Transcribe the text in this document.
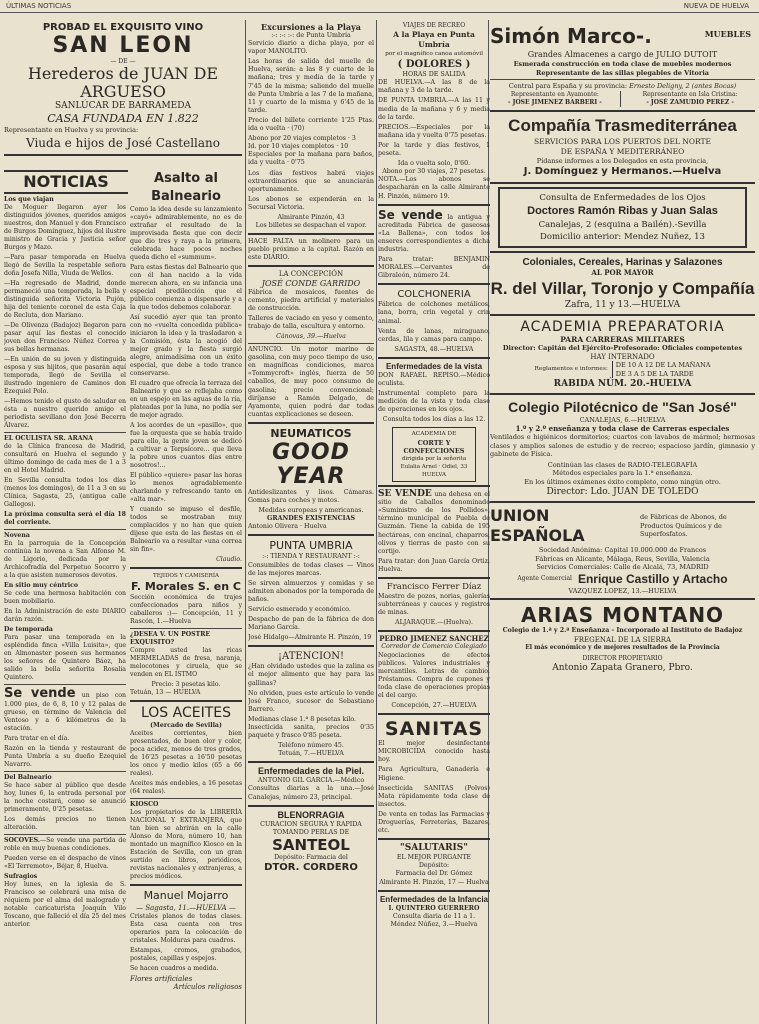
ÚLTIMAS NOTICIAS	NUEVA DE HUELVA
PROBAD EL EXQUISITO VINO
SAN LEON
— DE —
Herederos de JUAN DE ARGUESO
SANLÚCAR DE BARRAMEDA
CASA FUNDADA EN 1.822
Representante en Huelva y su provincia:
Viuda e hijos de José Castellano
NOTICIAS
Los que viajan

De Moguer llegaron ayer los distinguidos jóvenes, queridos amigos nuestros, don Manuel y don Francisco de Burgos Domínguez, hijos del ilustre ministro de Gracia y Justicia señor Burgos y Mazo.

—Para pasar temporada en Huelva llegó de Sevilla la respetable señora doña Josefa Nilla, Viuda de Wellos.

—Ha regresado de Madrid, donde permaneció una temporada, la bella y distinguida señorita Victoria Pujón, hija del teniente coronel de esta Caja de Recluta, don Mariano.

—De Olivenza (Badajoz) llegaron para pasar aquí las fiestas el conocido joven don Francisco Núñez Correa y sus bellas hermanas.

—En unión de su joven y distinguida esposa y sus hijitos, que pasarán aquí temporada, llegó de Sevilla el ilustrado ingeniero de Caminos don Ezequiel Polo.

—Hemos tenido el gusto de saludar en ésta a nuestro querido amigo el periodista sevillano don José Becerra Álvarez.

EL OCULISTA SR. ARANA

de la Clínica francesa de Madrid, consultará en Huelva el segundo y último domingo de cada mes de 1 a 3 en el Hotel Madrid.

En Sevilla consulta todos los días (menos los domingos), de 11 a 3 en su Clínica, Sagasta, 25, (antigua calle Gallegos).

La próxima consulta será el día 18 del corriente.

Novena

En la parroquia de la Concepción continúa la novena a San Alfonso M. de Ligorio, dedicada por la Archicofradía del Perpetuo Socorro y a la que asisten numerosos devotos.

En sitio muy céntrico

Se cede una hermosa habitación con buen mobiliario.

En la Administración de este DIARIO darán razón.

De temporada

Para pasar una temporada en la espléndida finca «Villa Luisita», que en Almonaster poseen sus hermanos los señores de Quintero Báez, ha salido la bella señorita Rosalía Quintero.

Se vende un piso con 1.000 pies, de 6, 8, 10 y 12 palas de grueso, en término de Valencia del Ventoso y a 6 kilómetros de la estación.

Para tratar en el día.

Razón en la tienda y restaurant de Punta Umbría a su dueño Ezequiel Navarro.

Del Balneario

Se hace saber al público que desde hoy, lunes 6, la entrada personal por la noche costará, como se anunció primeramente, 0'25 pesetas.

Los demás precios no tienen alteración.

SOCOVES.—Se vende una partida de roble en muy buenas condiciones.

Pueden verse en el despacho de vinos «El Terremoto», Béjar, 8, Huelva.

Sufragios

Hoy lunes, en la iglesia de S. Francisco se celebrará una misa de réquiem por el alma del malogrado y notable caricaturista Joaquín Vilo Toscano, que falleció el día 25 del mes anterior.

Asalto al Balneario

Como la idea desde su lanzamiento «cayó» admirablemente, no es de extrañar el resultado de la improvisada fiesta que con decir que dio tres y raya a la primera, celebrada hace pocos noches queda dicho el «summum».

Para estas fiestas del Balneario que con él han nacido a la vida merecen ahora, en su infancia una especial predilección que el público comienza a dispensarle y a la que todos debemos colaborar.

Así sucedió ayer que tan pronto con no «vuelta concedida pública» iniciaron la idea y la trasladaron a la Comisión, ésta la acogió del mejor grado y la fiesta surgió alegre, animadísima con un éxito especial, que debe a todo trance conservarse.

El cuadro que ofrecía la terraza del Balneario y que se reflejaba como en un espejo en las aguas de la ría, plateadas por la luna, no podía ser de mejor agrado.

A los acordes de un «pasillo», que fue la orquesta que se había traído para ello, la gente joven se dedicó a cultivar a Terpsícore... que lleva la pobre unos cuantos días entre nosotros!...

El público «quiere» pasar las horas lo menos agradablemente charlando y refrescando tanto en «alta mar».

Y cuando se impuso el desfile, todos se mostraban muy complacidos y no han que quien dijese que esta de las fiestas en el Balneario va a resultar «una correa sin fin».

Claudio.
TEJIDOS Y CAMISERÍA
F. Morales S. en C

Sección económica de trajes confeccionados para niños y caballeros :)— Concepción, 11 y Rascón, 1.—Huelva

¿DESEA V. UN POSTRE EXQUISITO?

Compre usted las ricas MERMELADAS de fresa, naranja, melocotones y ciruela, que se venden en EL ISTMO

Precio: 3 pesetas kilo.
Tetuán, 13 — HUELVA
LOS ACEITES
(Mercado de Sevilla)

Aceites corrientes, bien presentados, de buen olor y color, poca acidez, menos de tres grados, de 16'25 pesetas a 16'50 pesetas los once y medio kilos (65 a 66 reales).

Aceites más endebles, a 16 pesetas (64 reales).

KIOSCO

Los propietarios de la LIBRERÍA NACIONAL Y EXTRANJERA, que tan bien se abrirán en la calle Alonso de Mora, número 10, han montado un magnífico Kiosco en la Estación de Sevilla, con un gran surtido en libros, periódicos, revistas nacionales y extranjeras, a precios módicos.

Manuel Mojarro
— Sagasta, 11.—HUELVA —

Cristales planos de todas clases. Esta casa cuenta con tres operarios para la colocación de cristales. Molduras para cuadros.

Estampas, cromos, grabados, postales, capillas y espejos.

Se hacen cuadros a medida.

Flores artificiales
Artículos religiosos
Excursiones a la Playa
:-: :-: :-: de Punta Umbría

Servicio diario a dicha playa, por el vapor MANOLITO.

Las horas de salida del muelle de Huelva, serán: a las 8 y cuarto de la mañana; tres y media de la tarde y 7'45 de la misma; saliendo del muelle de Punta Umbría a las 7 de la mañana, 11 y cuarto de la misma y 6'45 de la tarde.

Precio del billete corriente 1'25 Ptas. ida o vuelta · (70)

Abono por 20 viajes completos · 3
Id. por 10 viajes completos · 10

Especiales por la mañana para baños, ida y vuelta · 0'75

Los días festivos habrá viajes extraordinarios que se anunciarán oportunamente.

Los abonos se expenderán en la Secursal Victoria.

Almirante Pinzón, 43
Los billetes se despachan el vapor.

HACE FALTA un molinero para un pueblo próximo a la capital. Razón en este DIARIO.

LA CONCEPCIÓN
JOSÉ CONDE GARRIDO

Fábrica de mosaicos, fuentes de cemento, piedra artificial y materiales de construcción.

Talleres de vaciado en yeso y cemento, trabajo de talla, escultura y entorno.

Cánovas, 39.—Huelva

ANUNCIO. Un motor marino de gasolina, con muy poco tiempo de uso, en magníficas condiciones, marca «Tommycroft» inglés, fuerza de 50 caballos, de muy poco consumo de gasolina; precio convencional; diríjanse a Ramón Delgado, de Ayamonte, quien podrá dar todas cuantas explicaciones se deseen.

NEUMATICOS
GOOD YEAR

Antideslizantes y lisos. Cámaras. Gomas para coches y motos.

Medidas europeas y americanas.
GRANDES EXISTENCIAS
Antonio Olivera · Huelva
PUNTA UMBRIA
:-: TIENDA Y RESTAURANT :-:

Consumibles de todas clases — Vinos de las mejores marcas.

Se sirven almuerzos y comidas y se admiten abonados por la temporada de baños.

Servicio esmerado y económico.

Despacho de pan de la fábrica de don Mariano García.

José Hidalgo—Almirante H. Pinzón, 19
¡ATENCION!

¿Han olvidado ustedes que la zalina es el mejor alimento que hay para las gallinas?

No olviden, pues este artículo lo vende José Franco, sucesor de Sebastiano Barrero.

Medianas clase 1.ª 8 pesetas kilo.

Insecticida sanita, precios 0'35 paquete y frasco 0'85 peseta.

Teléfono número 45.
Tetuán, 7.—HUELVA
Enfermedades de la Piel.
ANTONIO GIL GARCIA.—Médico

Consultas diarias a la una.—José Canalejas, número 23, principal.

BLENORRAGIA
CURACION SEGURA Y RAPIDA
TOMANDO PERLAS DE
SANTEOL
Depósito: Farmacia del
DTOR. CORDERO
VIAJES DE RECREO
A la Playa en Punta Umbría
por el magnífico canoa automóvil
( DOLORES )
HORAS DE SALIDA

DE HUELVA.—A las 8 de la mañana y 3 de la tarde.

DE PUNTA UMBRIA.—A las 11 y media de la mañana y 6 y media de la tarde.

PRECIOS.—Especiales por la mañana ida y vuelta 0'75 pesetas.

Por la tarde y días festivos, 1 peseta.

Ida o vuelta solo, 0'60.
Abono por 30 viajes, 27 pesetas.

NOTA.—Los abonos se despacharán en la calle Almirante H. Pinzón, número 19.

Se vende la antigua y acreditada Fábrica de gaseosas «La Ballena», con todos los enseres correspondientes a dicha industria.

Para tratar: BENJAMIN MORALES.—Cervantes de Gibraleón, número 24.

COLCHONERIA

Fábrica de colchones metálicos, lana, borra, crin vegetal y crin animal.

Venta de lanas, miraguano, cerdas, lila y camas para campo.

SAGASTA, 48.—HUELVA
Enfermedades de la vista

DON RAFAEL REPISO.—Médico oculista.

Instrumental completo para la medición de la vista y toda clase de operaciones en los ojos.

Consulta todos los días a las 12.
ACADEMIA DE
CORTE Y CONFECCIONES
dirigida por la señorita
Eulalia Arnel · Odiel, 33
HUELVA

SE VENDE una dehesa en el sitio de Caballos denominado «Suministro de los Pollidos», término municipal de Puebla de Guzmán. Tiene la cabida de 195 hectáreas, con encinal, chaparros, olivos y tierras de pasto con su cortijo.

Para tratar: don Juan García Ortiz. Huelva.

Francisco Ferrer Díaz

Maestro de pozos, norias, galerías subterráneas y cauces y registros de minas.

ALJARAQUE.—(Huelva).
PEDRO JIMENEZ SANCHEZ
Corredor de Comercio Colegiado

Negociaciones de efectos públicos. Valores industriales y mercantiles. Letras de cambio. Préstamos. Compra de cupones y toda clase de operaciones propias el del cargo.

Concepción, 27.—HUELVA
SANITAS

El mejor desinfectante MICROBICIDA conocido hasta hoy.

Para Agricultura, Ganadería e Higiene.

Insecticida SANITAS (Polvos) Mata rápidamente toda clase de insectos.

De venta en todas las Farmacias y Droguerías, Ferreterías, Bazares, etc.

"SALUTARIS"
EL MEJOR PURGANTE
Depósito:
Farmacia del Dr. Gómez
Almirante H. Pinzón, 17 — Huelva
Enfermedades de la Infancia
I. QUINTERO GUERRERO
Consulta diaria de 11 a 1.
Méndez Núñez, 3.—Huelva
Simón Marco-.	MUEBLES
Grandes Almacenes a cargo de JULIO DUTOIT
Esmerada construcción en toda clase de muebles modernos
Representante de las sillas plegables de Vitoria
Central para España y su provincia: Ernesto Deligny, 2 (antes Bocas)
Representante en Ayamonte:
- JOSE JIMENEZ BARBERI -
Representante en Isla Cristina:
- JOSÉ ZAMUDIO PEREZ -
Compañía Trasmediterránea
SERVICIOS PARA LOS PUERTOS DEL NORTE
DE ESPAÑA Y MEDITERRÁNEO
Pídanse informes a los Delegados en esta provincia,
J. Domínguez y Hermanos.—Huelva
Consulta de Enfermedades de los Ojos
Doctores Ramón Ribas y Juan Salas
Canalejas, 2 (esquina a Bailén).-Sevilla
Domicilio anterior: Mendez Nuñez, 13
Coloniales, Cereales, Harinas y Salazones
AL POR MAYOR
R. del Villar, Toronjo y Compañía
Zafra, 11 y 13.—HUELVA
ACADEMIA PREPARATORIA
PARA CARRERAS MILITARES
Director: Capitán del Ejército-Profesorado: Oficiales competentes
HAY INTERNADO
Reglamentos e informes:
DE 10 A 12 DE LA MAÑANA
DE 3 A 5 DE LA TARDE
RABIDA NÚM. 20.-HUELVA
Colegio Pilotécnico de "San José"
CANALEJAS, 6.—HUELVA
1.º y 2.º enseñanza y toda clase de Carreras especiales

Ventilados e higiénicos dormitorios; cuartos con lavabos de mármol; hermosas clases y amplios salones de estudio y de recreo; espacioso jardín, gimnasio y gabinete de Física.

Continúan las clases de RADIO-TELEGRAFÍA
Métodos especiales para la 1.ª enseñanza.
En los últimos exámenes éxito completo, como ningún otro.
Director: Ldo. JUAN DE TOLEDO
UNION ESPAÑOLA
de Fábricas de Abonos, de Productos Químicos y de Superfosfatos.
Sociedad Anónima: Capital 10.000.000 de Francos
Fábricas en Alicante, Málaga, Reus, Sevilla, Valencia
Servicios Comerciales: Calle de Alcalá, 73, MADRID
Agente Comercial Enrique Castillo y Artacho
VAZQUEZ LOPEZ, 13.—HUELVA
ARIAS MONTANO
Colegio de 1.ª y 2.ª Enseñanza - Incorporado al Instituto de Badajoz
FREGENAL DE LA SIERRA
El más económico y de mejores resultados de la Provincia
DIRECTOR PROPIETARIO
Antonio Zapata Granero, Pbro.
